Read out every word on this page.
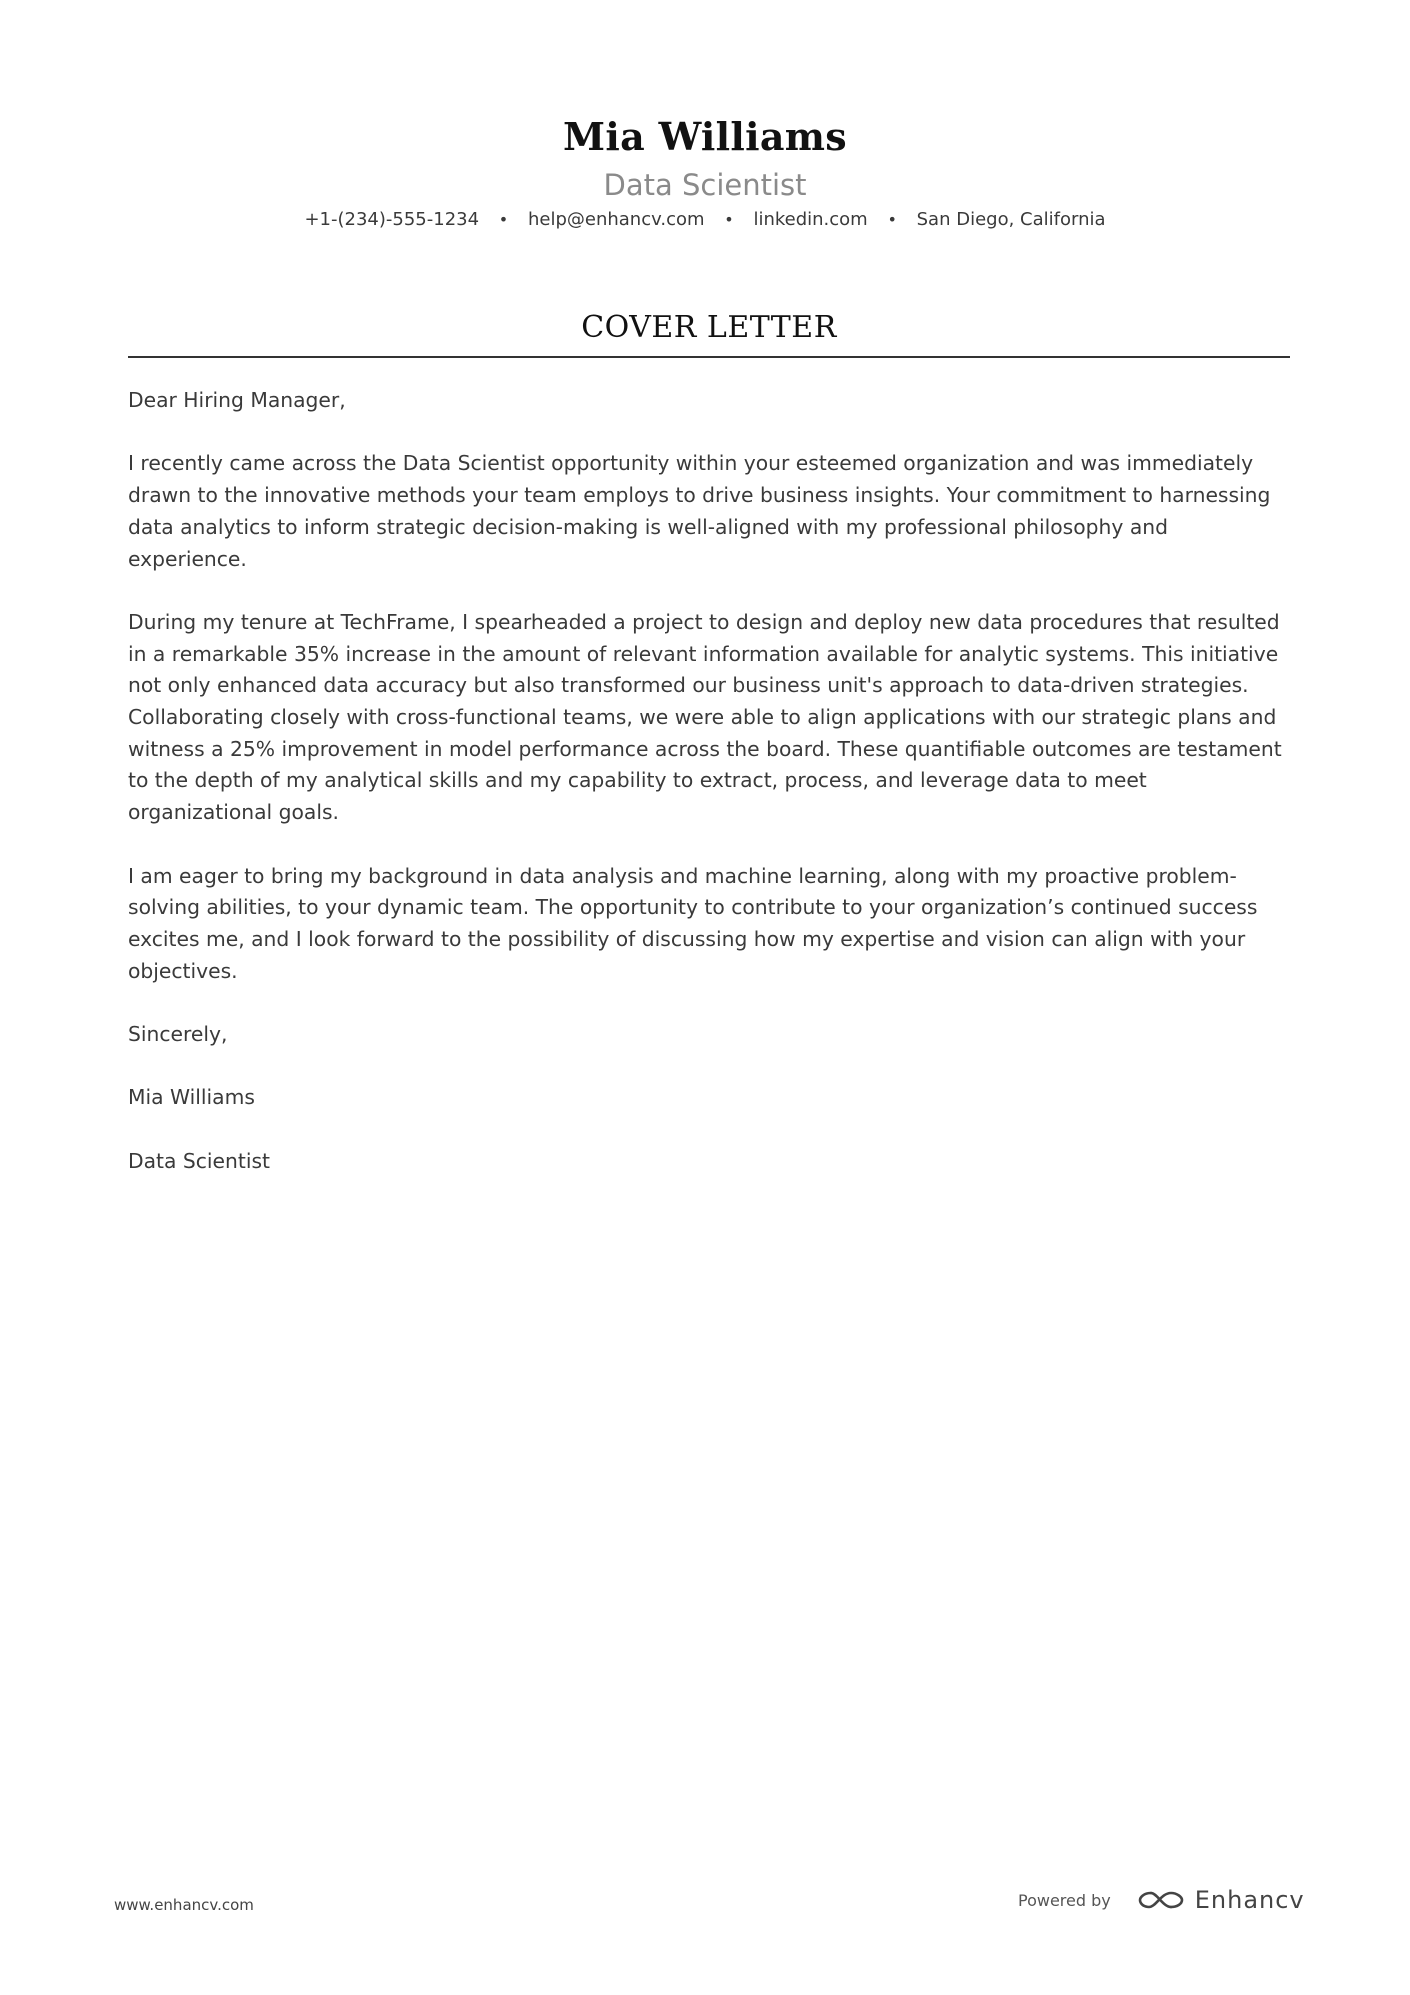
Mia Williams
Data Scientist
+1-(234)-555-1234 • help@enhancv.com • linkedin.com • San Diego, California
COVER LETTER

Dear Hiring Manager,

I recently came across the Data Scientist opportunity within your esteemed organization and was immediately drawn to the innovative methods your team employs to drive business insights. Your commitment to harnessing data analytics to inform strategic decision-making is well-aligned with my professional philosophy and experience.

During my tenure at TechFrame, I spearheaded a project to design and deploy new data procedures that resulted in a remarkable 35% increase in the amount of relevant information available for analytic systems. This initiative not only enhanced data accuracy but also transformed our business unit's approach to data-driven strategies. Collaborating closely with cross-functional teams, we were able to align applications with our strategic plans and witness a 25% improvement in model performance across the board. These quantifiable outcomes are testament to the depth of my analytical skills and my capability to extract, process, and leverage data to meet organizational goals.

I am eager to bring my background in data analysis and machine learning, along with my proactive problem-solving abilities, to your dynamic team. The opportunity to contribute to your organization’s continued success excites me, and I look forward to the possibility of discussing how my expertise and vision can align with your objectives.

Sincerely,

Mia Williams

Data Scientist

www.enhancv.com	Powered by	Enhancv
